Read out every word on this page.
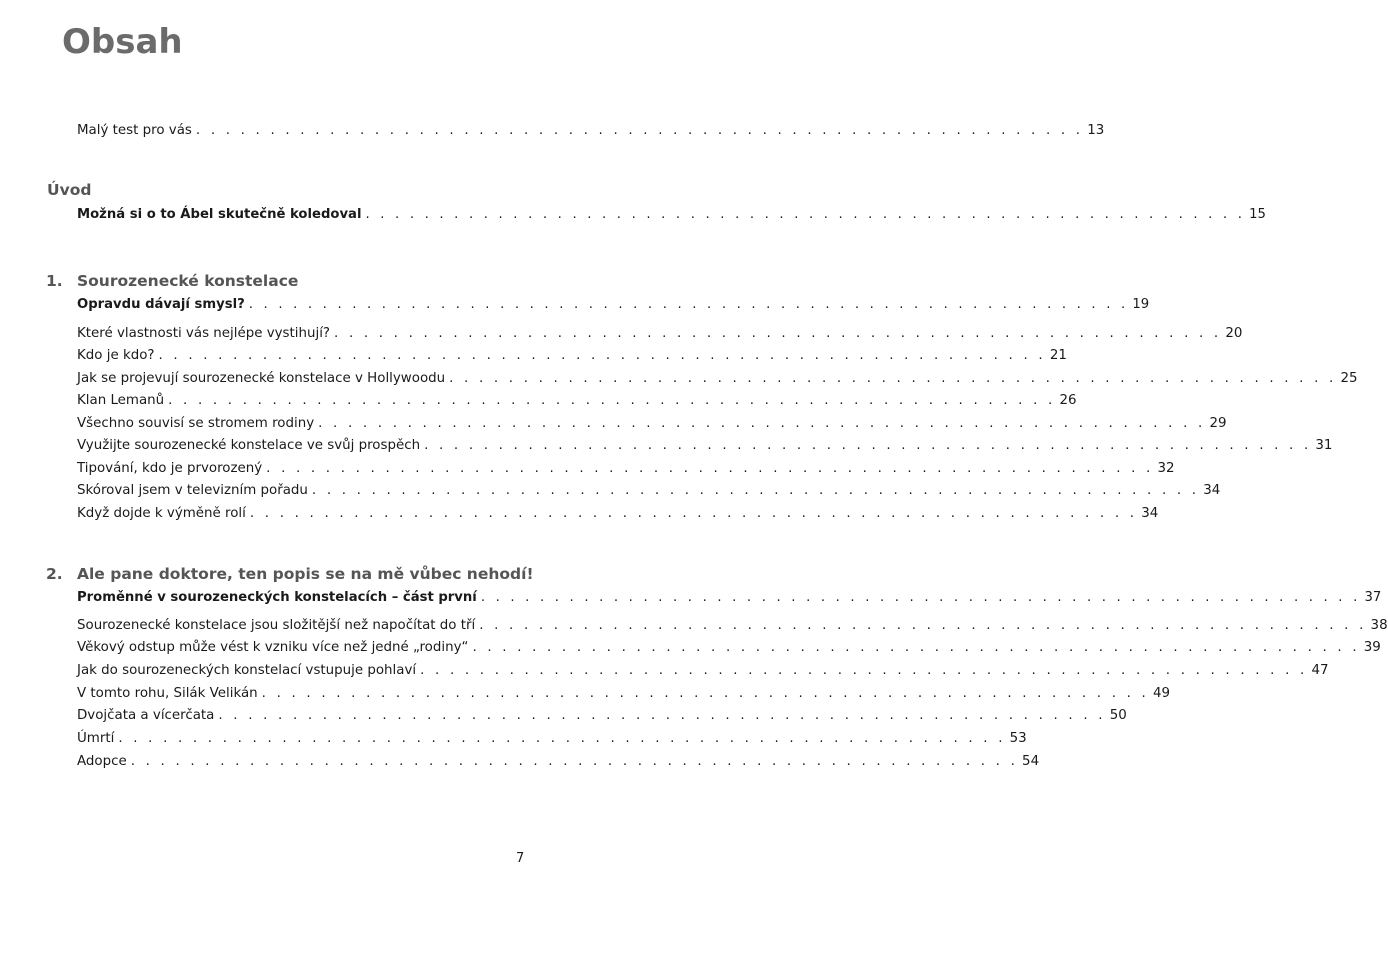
Obsah
Malý test pro vás . . . . . . . . . . . . . . . . . . . . . . . . . . . . . . . . . . . . . . . . . . . . . . . . . . . . . . . . . . . . 13
Úvod
Možná si o to Ábel skutečně koledoval . . . . . . . . . . . . . . . . . . . . . . . . . . . . . . . . . . . . . . . . . . . . . . . . . . . . . . . . . . . . 15
1. Sourozenecké konstelace
Opravdu dávají smysl? . . . . . . . . . . . . . . . . . . . . . . . . . . . . . . . . . . . . . . . . . . . . . . . . . . . . . . . . . . . . 19
Které vlastnosti vás nejlépe vystihují? . . . . . . . . . . . . . . . . . . . . . . . . . . . . . . . . . . . . . . . . . . . . . . . . . . . . . . . . . . . . 20
Kdo je kdo? . . . . . . . . . . . . . . . . . . . . . . . . . . . . . . . . . . . . . . . . . . . . . . . . . . . . . . . . . . . . 21
Jak se projevují sourozenecké konstelace v Hollywoodu . . . . . . . . . . . . . . . . . . . . . . . . . . . . . . . . . . . . . . . . . . . . . . . . . . . . . . . . . . . . 25
Klan Lemanů . . . . . . . . . . . . . . . . . . . . . . . . . . . . . . . . . . . . . . . . . . . . . . . . . . . . . . . . . . . . 26
Všechno souvisí se stromem rodiny . . . . . . . . . . . . . . . . . . . . . . . . . . . . . . . . . . . . . . . . . . . . . . . . . . . . . . . . . . . . 29
Využijte sourozenecké konstelace ve svůj prospěch . . . . . . . . . . . . . . . . . . . . . . . . . . . . . . . . . . . . . . . . . . . . . . . . . . . . . . . . . . . . 31
Tipování, kdo je prvorozený . . . . . . . . . . . . . . . . . . . . . . . . . . . . . . . . . . . . . . . . . . . . . . . . . . . . . . . . . . . . 32
Skóroval jsem v televizním pořadu . . . . . . . . . . . . . . . . . . . . . . . . . . . . . . . . . . . . . . . . . . . . . . . . . . . . . . . . . . . . 34
Když dojde k výměně rolí . . . . . . . . . . . . . . . . . . . . . . . . . . . . . . . . . . . . . . . . . . . . . . . . . . . . . . . . . . . . 34
2. Ale pane doktore, ten popis se na mě vůbec nehodí!
Proměnné v sourozeneckých konstelacích – část první . . . . . . . . . . . . . . . . . . . . . . . . . . . . . . . . . . . . . . . . . . . . . . . . . . . . . . . . . . . . 37
Sourozenecké konstelace jsou složitější než napočítat do tří . . . . . . . . . . . . . . . . . . . . . . . . . . . . . . . . . . . . . . . . . . . . . . . . . . . . . . . . . . . . 38
Věkový odstup může vést k vzniku více než jedné „rodiny“ . . . . . . . . . . . . . . . . . . . . . . . . . . . . . . . . . . . . . . . . . . . . . . . . . . . . . . . . . . . . 39
Jak do sourozeneckých konstelací vstupuje pohlaví . . . . . . . . . . . . . . . . . . . . . . . . . . . . . . . . . . . . . . . . . . . . . . . . . . . . . . . . . . . . 47
V tomto rohu, Silák Velikán . . . . . . . . . . . . . . . . . . . . . . . . . . . . . . . . . . . . . . . . . . . . . . . . . . . . . . . . . . . . 49
Dvojčata a vícerčata . . . . . . . . . . . . . . . . . . . . . . . . . . . . . . . . . . . . . . . . . . . . . . . . . . . . . . . . . . . . 50
Úmrtí . . . . . . . . . . . . . . . . . . . . . . . . . . . . . . . . . . . . . . . . . . . . . . . . . . . . . . . . . . . . 53
Adopce . . . . . . . . . . . . . . . . . . . . . . . . . . . . . . . . . . . . . . . . . . . . . . . . . . . . . . . . . . . . 54
7
